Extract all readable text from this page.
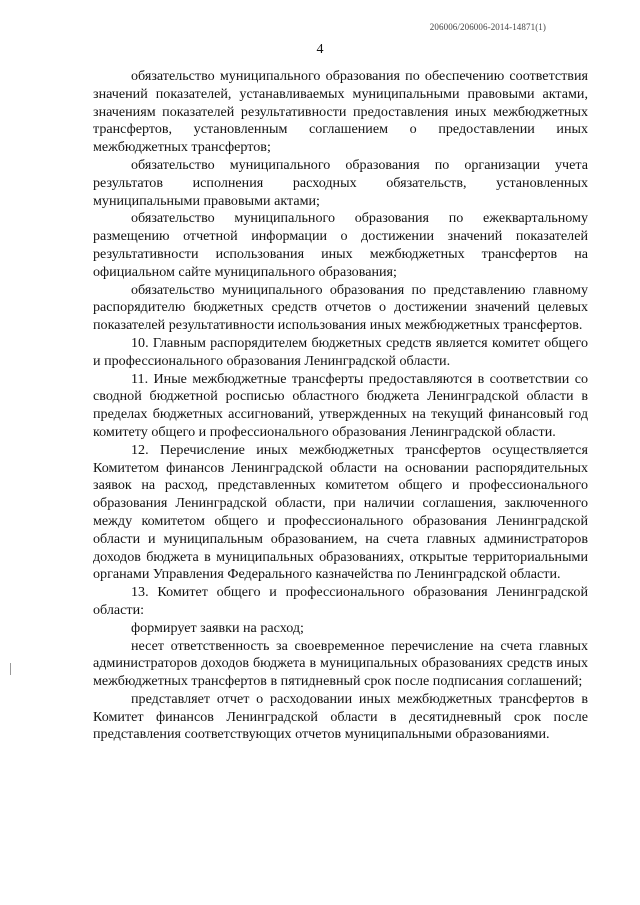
206006/206006-2014-14871(1)
4

обязательство муниципального образования по обеспечению соответствия значений показателей, устанавливаемых муниципальными правовыми актами, значениям показателей результативности предоставления иных межбюджетных трансфертов, установленным соглашением о предоставлении иных межбюджетных трансфертов;

обязательство муниципального образования по организации учета результатов исполнения расходных обязательств, установленных муниципальными правовыми актами;

обязательство муниципального образования по ежеквартальному размещению отчетной информации о достижении значений показателей результативности использования иных межбюджетных трансфертов на официальном сайте муниципального образования;

обязательство муниципального образования по представлению главному распорядителю бюджетных средств отчетов о достижении значений целевых показателей результативности использования иных межбюджетных трансфертов.

10. Главным распорядителем бюджетных средств является комитет общего и профессионального образования Ленинградской области.

11. Иные межбюджетные трансферты предоставляются в соответствии со сводной бюджетной росписью областного бюджета Ленинградской области в пределах бюджетных ассигнований, утвержденных на текущий финансовый год комитету общего и профессионального образования Ленинградской области.

12. Перечисление иных межбюджетных трансфертов осуществляется Комитетом финансов Ленинградской области на основании распорядительных заявок на расход, представленных комитетом общего и профессионального образования Ленинградской области, при наличии соглашения, заключенного между комитетом общего и профессионального образования Ленинградской области и муниципальным образованием, на счета главных администраторов доходов бюджета в муниципальных образованиях, открытые территориальными органами Управления Федерального казначейства по Ленинградской области.

13. Комитет общего и профессионального образования Ленинградской области:

формирует заявки на расход;

несет ответственность за своевременное перечисление на счета главных администраторов доходов бюджета в муниципальных образованиях средств иных межбюджетных трансфертов в пятидневный срок после подписания соглашений;

представляет отчет о расходовании иных межбюджетных трансфертов в Комитет финансов Ленинградской области в десятидневный срок после представления соответствующих отчетов муниципальными образованиями.
